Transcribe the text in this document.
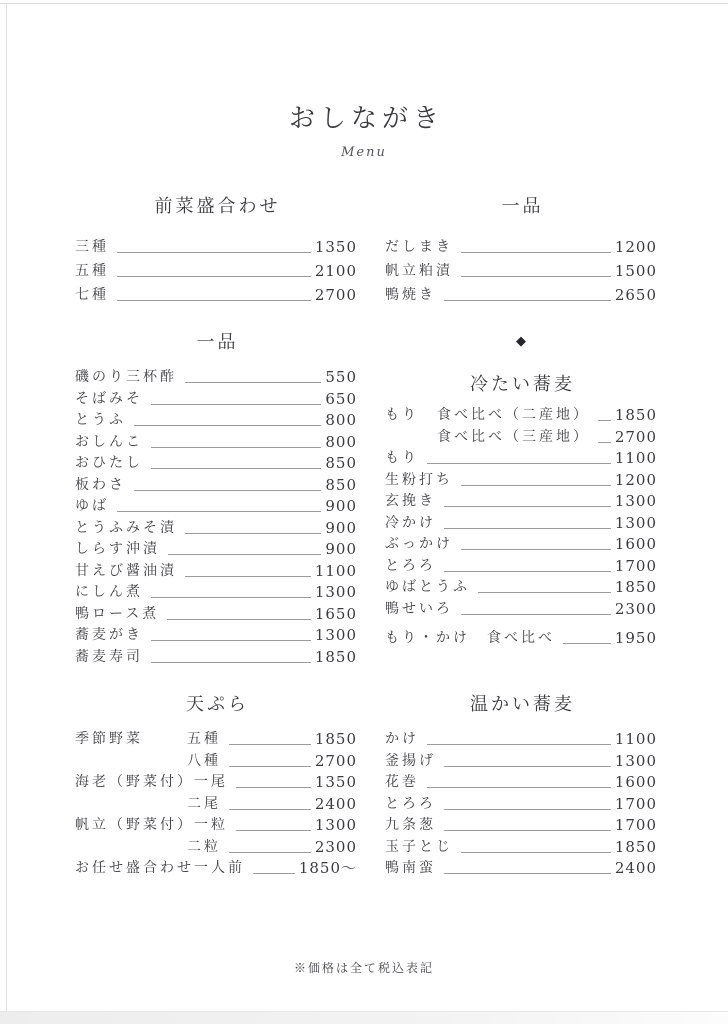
おしながき
Menu
前菜盛合わせ
三種	1350
五種	2100
七種	2700
一品
磯のり三杯酢	550
そばみそ	650
とうふ	800
おしんこ	800
おひたし	850
板わさ	850
ゆば	900
とうふみそ漬	900
しらす沖漬	900
甘えび醤油漬	1100
にしん煮	1300
鴨ロース煮	1650
蕎麦がき	1300
蕎麦寿司	1850
天ぷら
季節野菜	五種	1850
八種	2700
海老（野菜付） 一尾	1350
二尾	2400
帆立（野菜付） 一粒	1300
二粒	2300
お任せ盛合わせ 一人前	1850～
一品
だしまき	1200
帆立粕漬	1500
鴨焼き	2650
◆
冷たい蕎麦
もり	食べ比べ（二産地） 1850
食べ比べ（三産地） 2700
もり	1100
生粉打ち	1200
玄挽き	1300
冷かけ	1300
ぶっかけ	1600
とろろ	1700
ゆばとうふ	1850
鴨せいろ	2300
もり・かけ　食べ比べ	1950
温かい蕎麦
かけ	1100
釜揚げ	1300
花巻	1600
とろろ	1700
九条葱	1700
玉子とじ	1850
鴨南蛮	2400
※価格は全て税込表記
